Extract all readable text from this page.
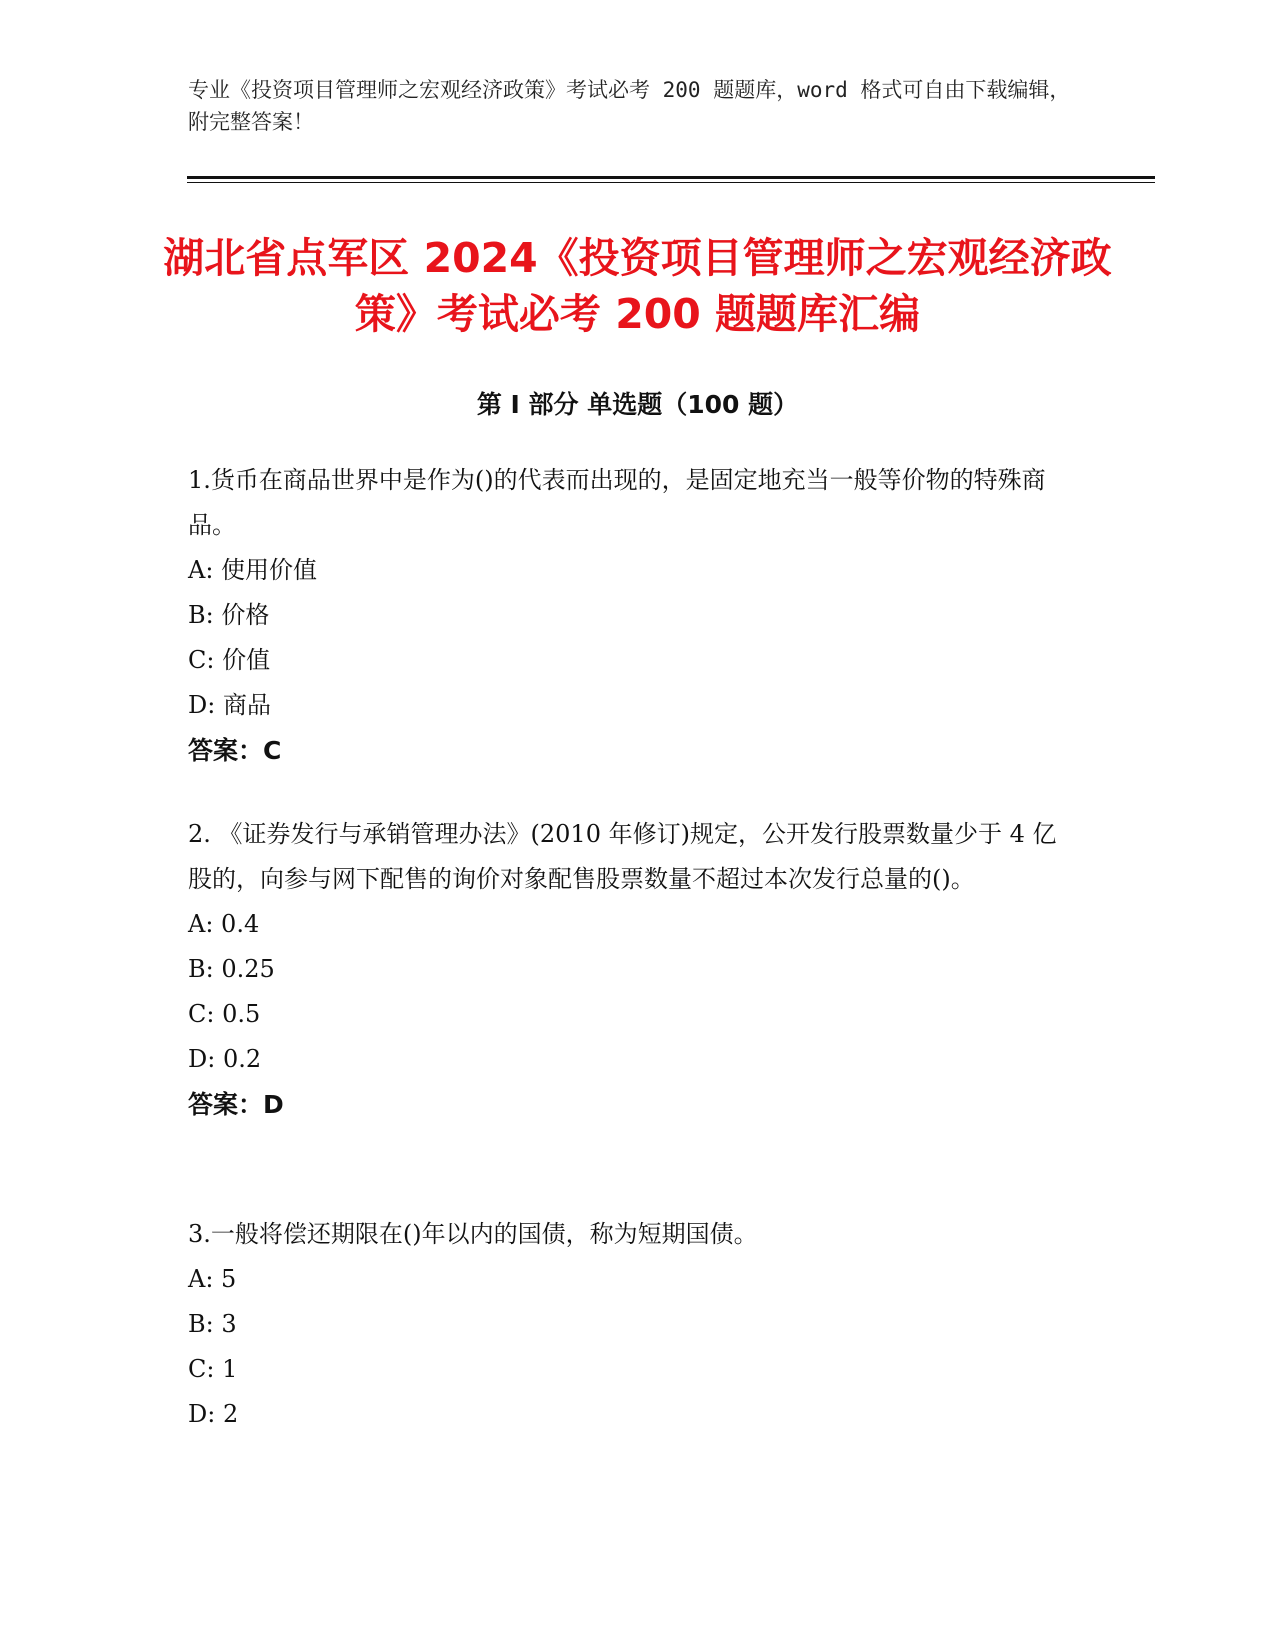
专业《投资项目管理师之宏观经济政策》考试必考 200 题题库，word 格式可自由下载编辑，附完整答案！
湖北省点军区 2024《投资项目管理师之宏观经济政策》考试必考 200 题题库汇编
第 I 部分 单选题（100 题）
1.货币在商品世界中是作为()的代表而出现的，是固定地充当一般等价物的特殊商品。
A: 使用价值
B: 价格
C: 价值
D: 商品
答案：C
2. 《证券发行与承销管理办法》(2010 年修订)规定，公开发行股票数量少于 4 亿股的，向参与网下配售的询价对象配售股票数量不超过本次发行总量的()。
A: 0.4
B: 0.25
C: 0.5
D: 0.2
答案：D
3.一般将偿还期限在()年以内的国债，称为短期国债。
A: 5
B: 3
C: 1
D: 2
